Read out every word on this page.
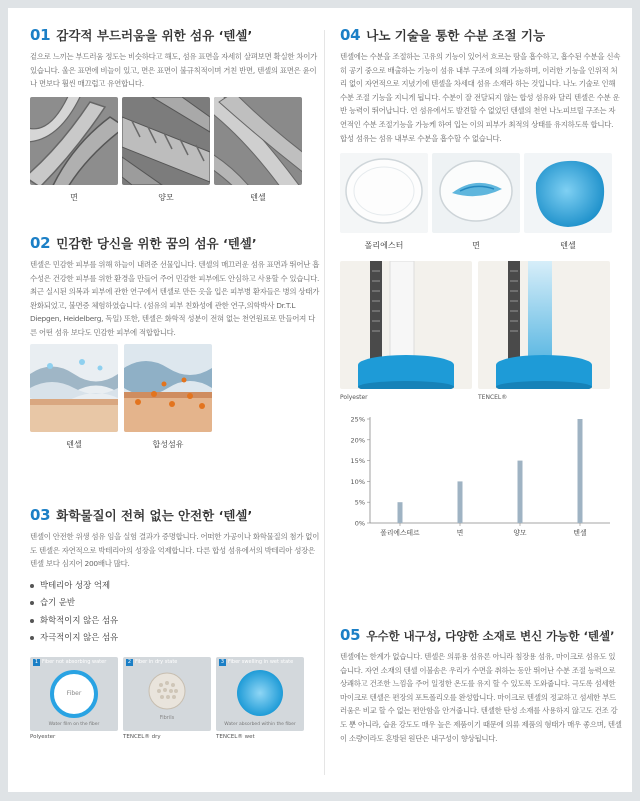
01 감각적 부드러움을 위한 섬유 ‘텐셀’

겉으로 느끼는 부드러움 정도는 비슷하다고 해도, 섬유 표면을 자세히 살펴보면 확실한 차이가 있습니다. 울은 표면에 비늘이 있고, 면은 표면이 불규칙적이며 거친 반면, 텐셀의 표면은 윤이나 면보다 훨씬 매끄럽고 유연합니다.

면	양모	텐셀
02 민감한 당신을 위한 꿈의 섬유 ‘텐셀’

텐셀은 민감한 피부를 위해 하늘이 내려준 선물입니다. 텐셀의 매끄러운 섬유 표면과 뛰어난 흡수성은 건강한 피부를 위한 환경을 만들어 주어 민감한 피부에도 안심하고 사용할 수 있습니다. 최근 실시된 의복과 피부에 관한 연구에서 텐셀로 만든 옷을 입은 피부병 환자들은 병의 상태가 완화되었고, 불면증 체험하였습니다. (섬유의 피부 친화성에 관한 연구,의학박사 Dr.T.L Diepgen, Heidelberg, 독일) 또한, 텐셀은 화학적 성분이 전혀 없는 천연원료로 만들어져 다른 어떤 섬유 보다도 민감한 피부에 적합합니다.

텐셀	합성섬유
03 화학물질이 전혀 없는 안전한 ‘텐셀’

텐셀이 안전한 위생 섬유 임을 실험 결과가 증명합니다. 어떠한 가공이나 화학물질의 첨가 없이도 텐셀은 자연적으로 박테리아의 성장을 억제합니다. 다른 합성 섬유에서의 박테리아 성장은 텐셀 보다 심지어 200배나 많다.

박테리아 성장 억제
습기 운반
화학적이지 않은 섬유
자극적이지 않은 섬유
1 Fiber not absorbing water
Fiber
Water film on the fiber
Polyester
2 Fiber in dry state
Fibrils
TENCEL® dry
3 Fiber swelling in wet state
Water absorbed within the fiber
TENCEL® wet
04 나노 기술을 통한 수분 조절 기능

텐셀에는 수분을 조절하는 고유의 기능이 있어서 흐르는 땀을 흡수하고, 흡수된 수분을 신속히 공기 중으로 배출하는 기능이 섬유 내부 구조에 의해 가능하며, 이러한 기능을 인위적 처리 없이 자연적으로 지녔기에 텐셀을 차세대 섬유 소재라 하는 것입니다. 나노 기술로 인해 수분 조절 기능을 지니게 됩니다. 수분이 잘 전달되지 않는 합성 섬유와 달리 텐셀은 수분 운반 능력이 뛰어납니다. 언 섬유에서도 발견할 수 없었던 텐셀의 천연 나노피브릴 구조는 자연적인 수분 조절기능을 가능케 하여 입는 이의 피부가 최적의 상태를 유지하도록 합니다. 합성 섬유는 섬유 내부로 수분을 흡수할 수 없습니다.

폴리에스터	면	텐셀
Polyester	TENCEL®
0%
5%
10%
15%
20%
25%
폴리에스테르	면	양모	텐셀
05 우수한 내구성, 다양한 소재로 변신 가능한 ‘텐셀’

텐셀에는 한계가 없습니다. 텐셀은 의류용 섬유론 아니라 침장용 섬유, 마이크로 섬유도 있습니다. 자연 소재의 텐셀 이불솜은 우리가 수면을 취하는 동안 뛰어난 수분 조절 능력으로 상쾌하고 건조한 느낌을 주어 일정한 온도를 유지 할 수 있도록 도와줍니다. 극도록 섬세한 마이크로 텐셀은 편장의 포트폴리오를 완성합니다. 마이크로 텐셀의 정교하고 섬세한 부드러움은 비교 할 수 없는 편안함을 안겨줍니다. 텐셀한 탄성 소재를 사용하지 않고도 건조 강도 뿐 아니라, 습윤 강도도 매우 높은 제품이기 때문에 의류 제품의 형태가 매우 좋으며, 텐셀이 소량이라도 혼방된 원단은 내구성이 향상됩니다.
